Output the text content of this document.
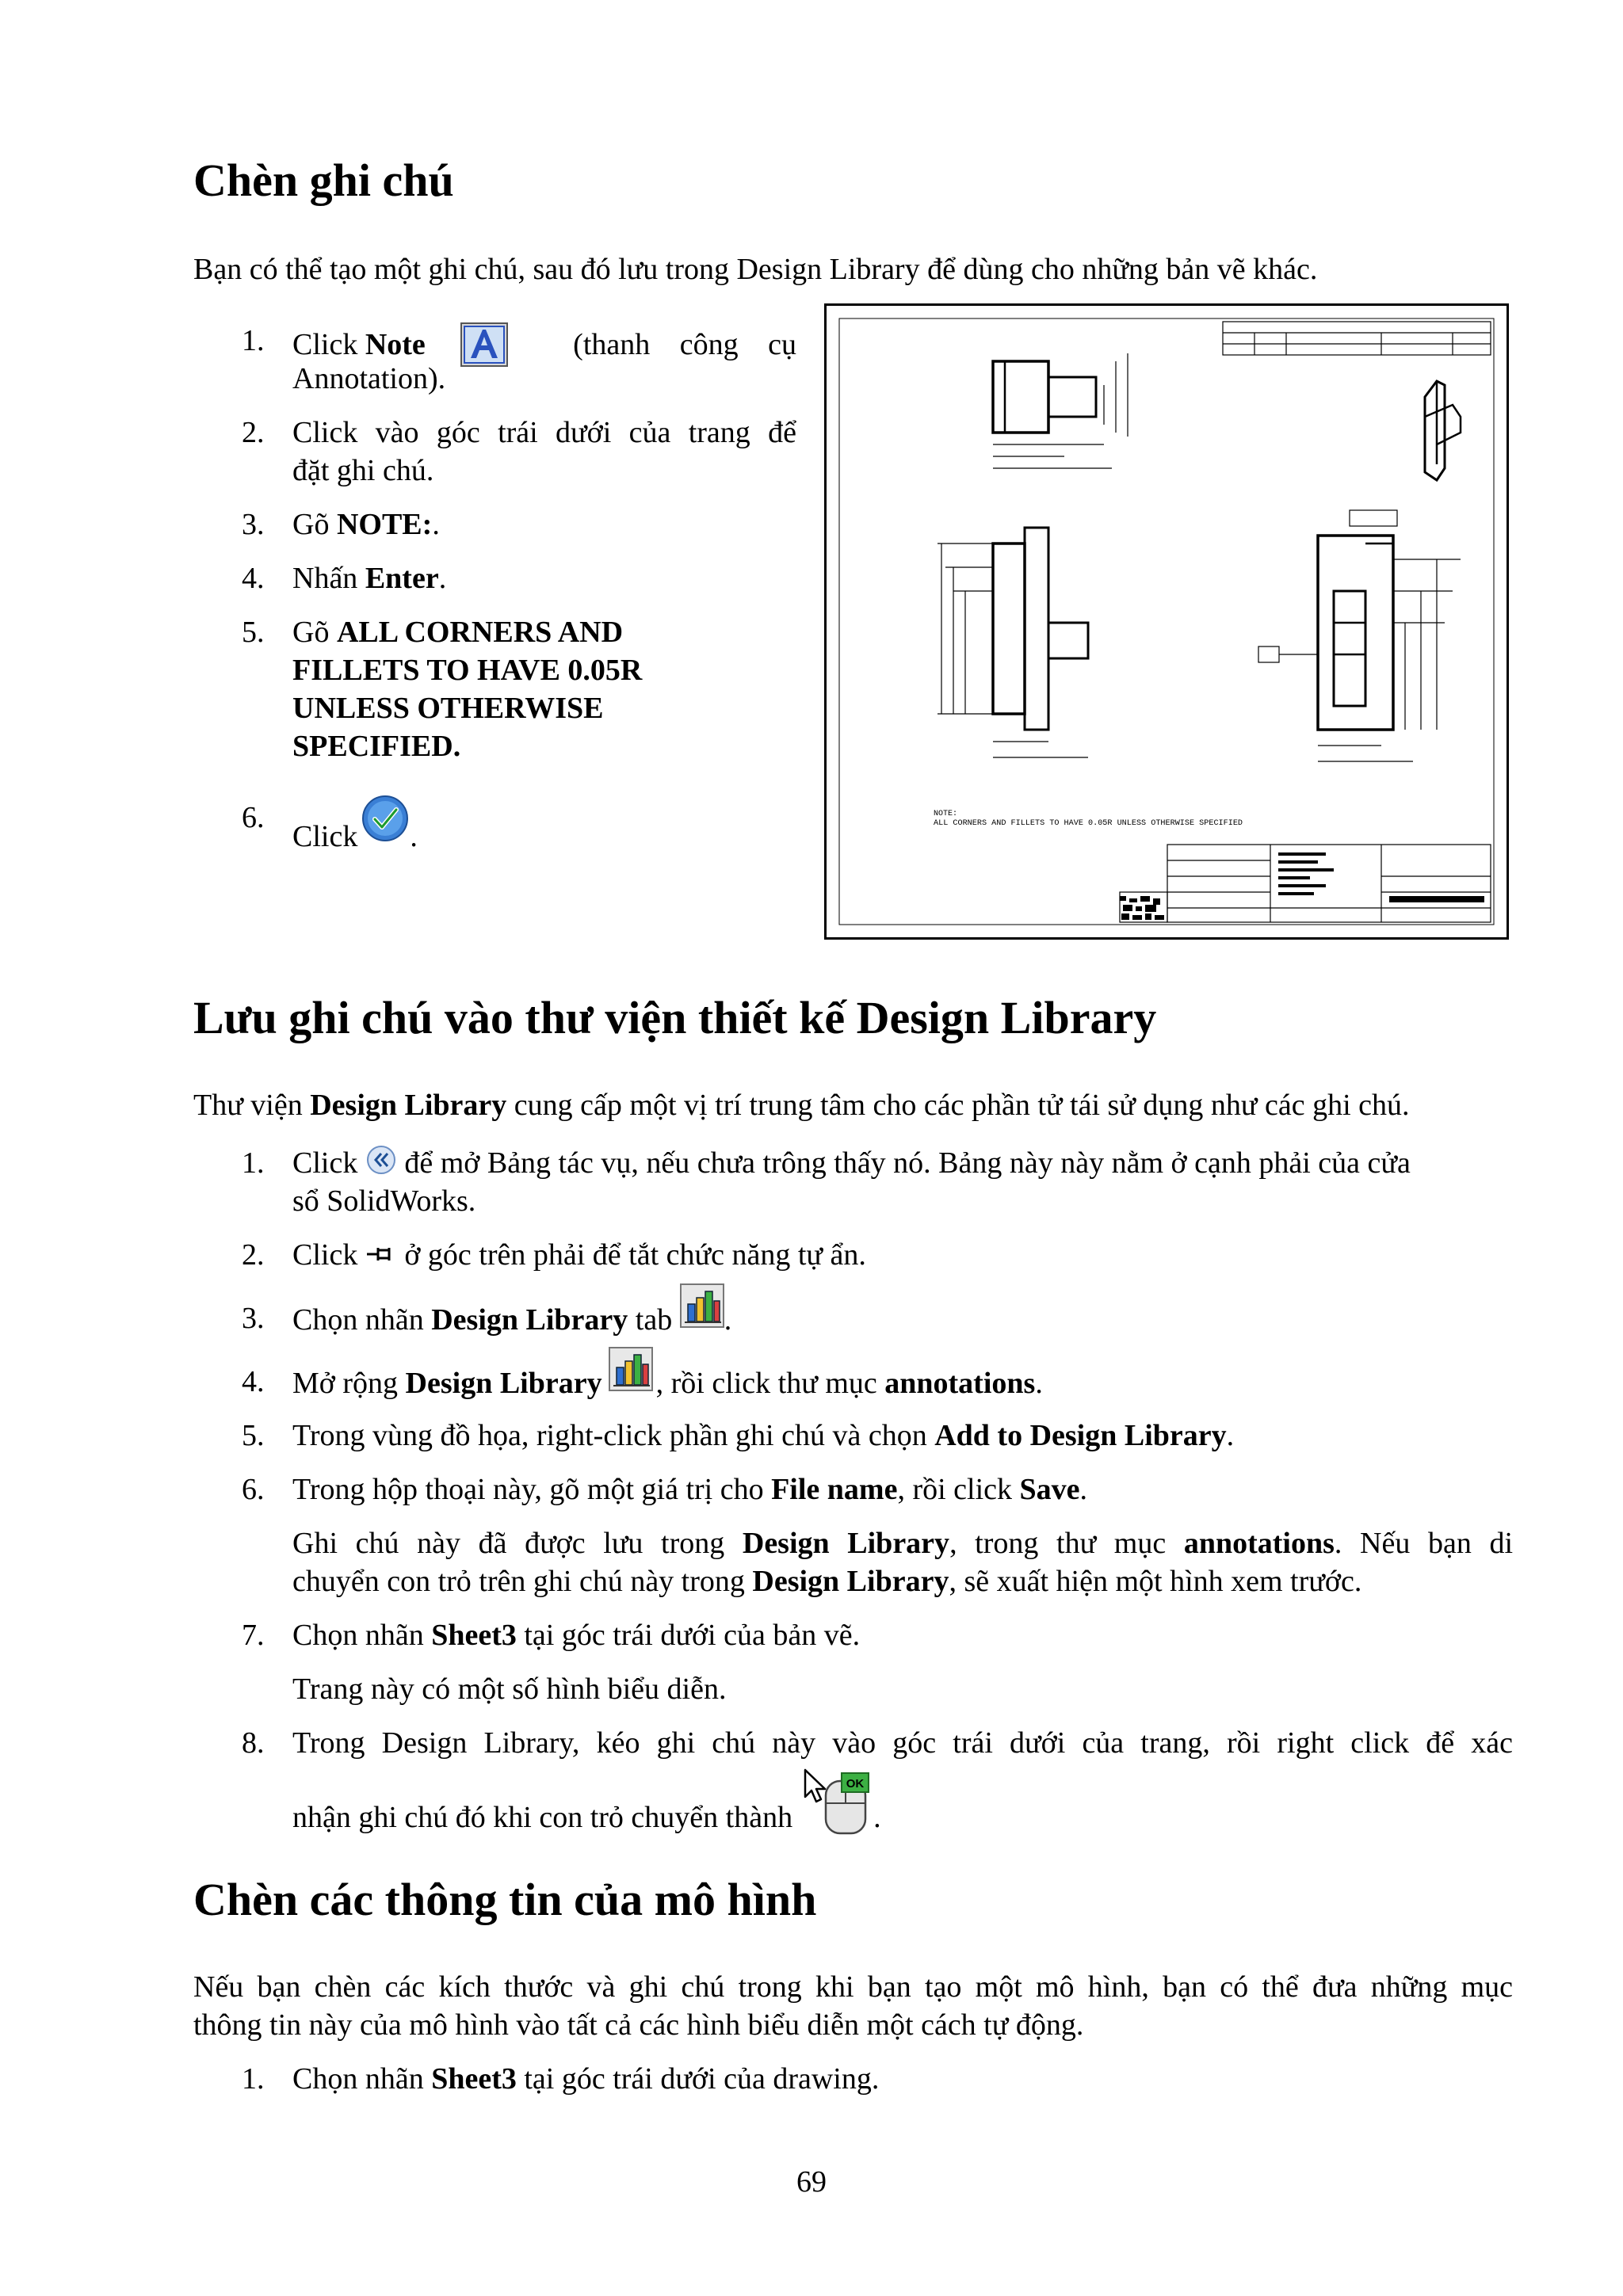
Chèn ghi chú

Bạn có thể tạo một ghi chú, sau đó lưu trong Design Library để dùng cho những bản vẽ khác.

1. Click Note	(thanh công cụ
Annotation).
2. Click vào góc trái dưới của trang để
đặt ghi chú.
3. Gõ NOTE:.
4. Nhấn Enter.
5. Gõ ALL CORNERS AND
FILLETS TO HAVE 0.05R
UNLESS OTHERWISE
SPECIFIED.
6.
Click .
NOTE:
ALL CORNERS AND FILLETS TO HAVE 0.05R UNLESS OTHERWISE SPECIFIED
Lưu ghi chú vào thư viện thiết kế Design Library

Thư viện Design Library cung cấp một vị trí trung tâm cho các phần tử tái sử dụng như các ghi chú.

1. Click  để mở Bảng tác vụ, nếu chưa trông thấy nó. Bảng này này nằm ở cạnh phải của cửa
sổ SolidWorks.
2. Click  ở góc trên phải để tắt chức năng tự ẩn.
3. Chọn nhãn Design Library tab .
4. Mở rộng Design Library , rồi click thư mục annotations.
5. Trong vùng đồ họa, right-click phần ghi chú và chọn Add to Design Library.
6. Trong hộp thoại này, gõ một giá trị cho File name, rồi click Save.
Ghi chú này đã được lưu trong Design Library, trong thư mục annotations. Nếu bạn di
chuyển con trỏ trên ghi chú này trong Design Library, sẽ xuất hiện một hình xem trước.
7. Chọn nhãn Sheet3 tại góc trái dưới của bản vẽ.
Trang này có một số hình biểu diễn.
8. Trong Design Library, kéo ghi chú này vào góc trái dưới của trang, rồi right click để xác
nhận ghi chú đó khi con trỏ chuyển thành
OK
.
Chèn các thông tin của mô hình

Nếu bạn chèn các kích thước và ghi chú trong khi bạn tạo một mô hình, bạn có thể đưa những mục

thông tin này của mô hình vào tất cả các hình biểu diễn một cách tự động.

1. Chọn nhãn Sheet3 tại góc trái dưới của drawing.
69
